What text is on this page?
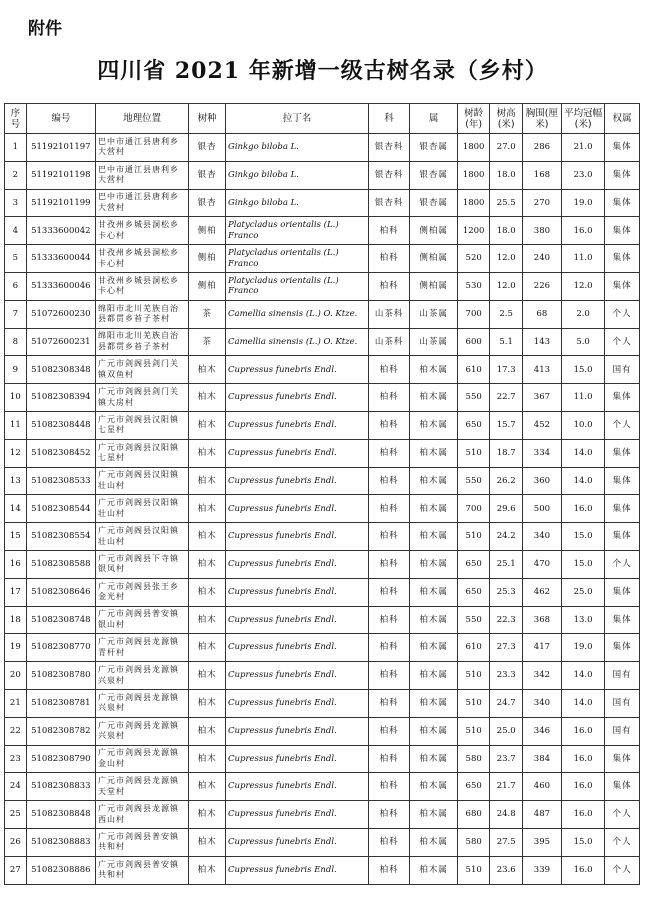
附件
四川省 2021 年新增一级古树名录（乡村）
序号	编号	地理位置	树种	拉丁名	科	属	树龄(年)	树高(米)	胸围(厘米)	平均冠幅(米)	权属
1	51192101197	巴中市通江县唐利乡大营村	银杏	Ginkgo biloba L.	银杏科	银杏属	1800	27.0	286	21.0	集体
2	51192101198	巴中市通江县唐利乡大营村	银杏	Ginkgo biloba L.	银杏科	银杏属	1800	18.0	168	23.0	集体
3	51192101199	巴中市通江县唐利乡大营村	银杏	Ginkgo biloba L.	银杏科	银杏属	1800	25.5	270	19.0	集体
4	51333600042	甘孜州乡城县洞松乡卡心村	侧柏	Platycladus orientalis (L.) Franco	柏科	侧柏属	1200	18.0	380	16.0	集体
5	51333600044	甘孜州乡城县洞松乡卡心村	侧柏	Platycladus orientalis (L.) Franco	柏科	侧柏属	520	12.0	240	11.0	集体
6	51333600046	甘孜州乡城县洞松乡卡心村	侧柏	Platycladus orientalis (L.) Franco	柏科	侧柏属	530	12.0	226	12.0	集体
7	51072600230	绵阳市北川羌族自治县都贯乡苔子茶村	茶	Camellia sinensis (L.) O. Ktze.	山茶科	山茶属	700	2.5	68	2.0	个人
8	51072600231	绵阳市北川羌族自治县都贯乡苔子茶村	茶	Camellia sinensis (L.) O. Ktze.	山茶科	山茶属	600	5.1	143	5.0	个人
9	51082308348	广元市剑阁县剑门关镇双鱼村	柏木	Cupressus funebris Endl.	柏科	柏木属	610	17.3	413	15.0	国有
10	51082308394	广元市剑阁县剑门关镇大房村	柏木	Cupressus funebris Endl.	柏科	柏木属	550	22.7	367	11.0	集体
11	51082308448	广元市剑阁县汉阳镇七星村	柏木	Cupressus funebris Endl.	柏科	柏木属	650	15.7	452	10.0	个人
12	51082308452	广元市剑阁县汉阳镇七星村	柏木	Cupressus funebris Endl.	柏科	柏木属	510	18.7	334	14.0	集体
13	51082308533	广元市剑阁县汉阳镇壮山村	柏木	Cupressus funebris Endl.	柏科	柏木属	550	26.2	360	14.0	集体
14	51082308544	广元市剑阁县汉阳镇壮山村	柏木	Cupressus funebris Endl.	柏科	柏木属	700	29.6	500	16.0	集体
15	51082308554	广元市剑阁县汉阳镇壮山村	柏木	Cupressus funebris Endl.	柏科	柏木属	510	24.2	340	15.0	集体
16	51082308588	广元市剑阁县下寺镇银凤村	柏木	Cupressus funebris Endl.	柏科	柏木属	650	25.1	470	15.0	个人
17	51082308646	广元市剑阁县张王乡金光村	柏木	Cupressus funebris Endl.	柏科	柏木属	650	25.3	462	25.0	集体
18	51082308748	广元市剑阁县普安镇银山村	柏木	Cupressus funebris Endl.	柏科	柏木属	550	22.3	368	13.0	集体
19	51082308770	广元市剑阁县龙源镇青杆村	柏木	Cupressus funebris Endl.	柏科	柏木属	610	27.3	417	19.0	集体
20	51082308780	广元市剑阁县龙源镇兴泉村	柏木	Cupressus funebris Endl.	柏科	柏木属	510	23.3	342	14.0	国有
21	51082308781	广元市剑阁县龙源镇兴泉村	柏木	Cupressus funebris Endl.	柏科	柏木属	510	24.7	340	14.0	国有
22	51082308782	广元市剑阁县龙源镇兴泉村	柏木	Cupressus funebris Endl.	柏科	柏木属	510	25.0	346	16.0	国有
23	51082308790	广元市剑阁县龙源镇金山村	柏木	Cupressus funebris Endl.	柏科	柏木属	580	23.7	384	16.0	集体
24	51082308833	广元市剑阁县龙源镇天堂村	柏木	Cupressus funebris Endl.	柏科	柏木属	650	21.7	460	16.0	集体
25	51082308848	广元市剑阁县龙源镇西山村	柏木	Cupressus funebris Endl.	柏科	柏木属	680	24.8	487	16.0	个人
26	51082308883	广元市剑阁县普安镇共和村	柏木	Cupressus funebris Endl.	柏科	柏木属	580	27.5	395	15.0	个人
27	51082308886	广元市剑阁县普安镇共和村	柏木	Cupressus funebris Endl.	柏科	柏木属	510	23.6	339	16.0	个人
